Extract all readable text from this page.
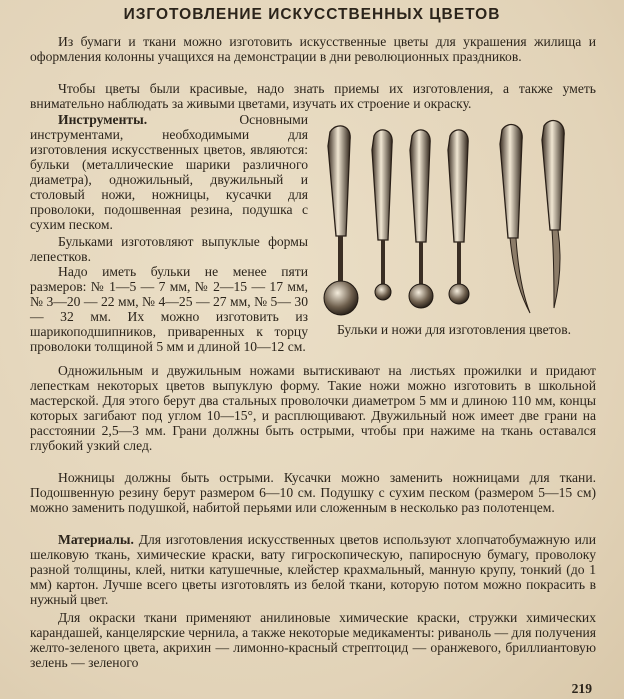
ИЗГОТОВЛЕНИЕ ИСКУССТВЕННЫХ ЦВЕТОВ

Из бумаги и ткани можно изготовить искусственные цветы для украшения жилища и оформления колонны учащихся на демонстрации в дни революционных праздников.

Чтобы цветы были красивые, надо знать приемы их изготовления, а также уметь внимательно наблюдать за живыми цветами, изучать их строение и окраску.

Инструменты. Основными инструментами, необходимыми для изготовления искусственных цветов, являются: бульки (металлические шарики различного диаметра), одножильный, двужильный и столовый ножи, ножницы, кусачки для проволоки, подошвенная резина, подушка с сухим песком.

Бульками изготовляют выпуклые формы лепестков.

Надо иметь бульки не менее пяти размеров: № 1—5 — 7 мм, № 2—15 — 17 мм, № 3—20 — 22 мм, № 4—25 — 27 мм, № 5— 30— 32 мм. Их можно изготовить из шарикоподшипников, приваренных к торцу проволоки толщиной 5 мм и длиной 10—12 см.

Бульки и ножи для изготовления цветов.

Одножильным и двужильным ножами вытискивают на листьях прожилки и придают лепесткам некоторых цветов выпуклую форму. Такие ножи можно изготовить в школьной мастерской. Для этого берут два стальных проволочки диаметром 5 мм и длиною 110 мм, концы которых загибают под углом 10—15°, и расплющивают. Двужильный нож имеет две грани на расстоянии 2,5—3 мм. Грани должны быть острыми, чтобы при нажиме на ткань оставался глубокий узкий след.

Ножницы должны быть острыми. Кусачки можно заменить ножницами для ткани. Подошвенную резину берут размером 6—10 см. Подушку с сухим песком (размером 5—15 см) можно заменить подушкой, набитой перьями или сложенным в несколько раз полотенцем.

Материалы. Для изготовления искусственных цветов используют хлопчатобумажную или шелковую ткань, химические краски, вату гигроскопическую, папиросную бумагу, проволоку разной толщины, клей, нитки катушечные, клейстер крахмальный, манную крупу, тонкий (до 1 мм) картон. Лучше всего цветы изготовлять из белой ткани, которую потом можно покрасить в нужный цвет.

Для окраски ткани применяют анилиновые химические краски, стружки химических карандашей, канцелярские чернила, а также некоторые медикаменты: риваноль — для получения желто-зеленого цвета, акрихин — лимонно-красный стрептоцид — оранжевого, бриллиантовую зелень — зеленого

219
